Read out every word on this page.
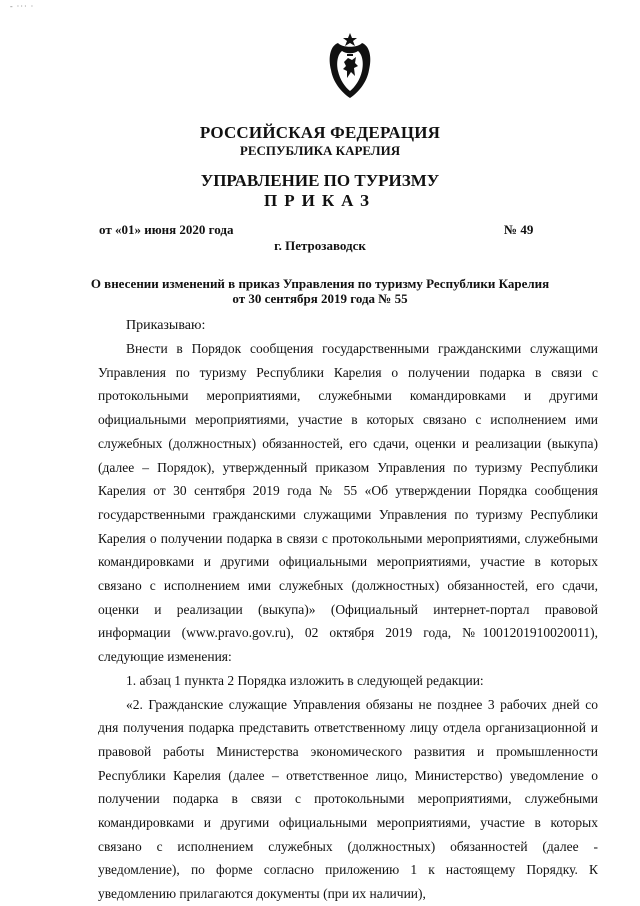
‑ ··· ·
РОССИЙСКАЯ ФЕДЕРАЦИЯ
РЕСПУБЛИКА КАРЕЛИЯ
УПРАВЛЕНИЕ ПО ТУРИЗМУ
ПРИКАЗ
от «01» июня 2020 года	№ 49
г. Петрозаводск
О внесении изменений в приказ Управления по туризму Республики Карелия
от 30 сентября 2019 года № 55
Приказываю:

Внести в Порядок сообщения государственными гражданскими служащими Управления по туризму Республики Карелия о получении подарка в связи с протокольными мероприятиями, служебными командировками и другими официальными мероприятиями, участие в которых связано с исполнением ими служебных (должностных) обязанностей, его сдачи, оценки и реализации (выкупа) (далее – Порядок), утвержденный приказом Управления по туризму Республики Карелия от 30 сентября 2019 года № 55 «Об утверждении Порядка сообщения государственными гражданскими служащими Управления по туризму Республики Карелия о получении подарка в связи с протокольными мероприятиями, служебными командировками и другими официальными мероприятиями, участие в которых связано с исполнением ими служебных (должностных) обязанностей, его сдачи, оценки и реализации (выкупа)» (Официальный интернет-портал правовой информации (www.pravo.gov.ru), 02 октября 2019 года, №1001201910020011), следующие изменения:

1. абзац 1 пункта 2 Порядка изложить в следующей редакции:

«2. Гражданские служащие Управления обязаны не позднее 3 рабочих дней со дня получения подарка представить ответственному лицу отдела организационной и правовой работы Министерства экономического развития и промышленности Республики Карелия (далее – ответственное лицо, Министерство) уведомление о получении подарка в связи с протокольными мероприятиями, служебными командировками и другими официальными мероприятиями, участие в которых связано с исполнением служебных (должностных) обязанностей (далее - уведомление), по форме согласно приложению 1 к настоящему Порядку. К уведомлению прилагаются документы (при их наличии),
